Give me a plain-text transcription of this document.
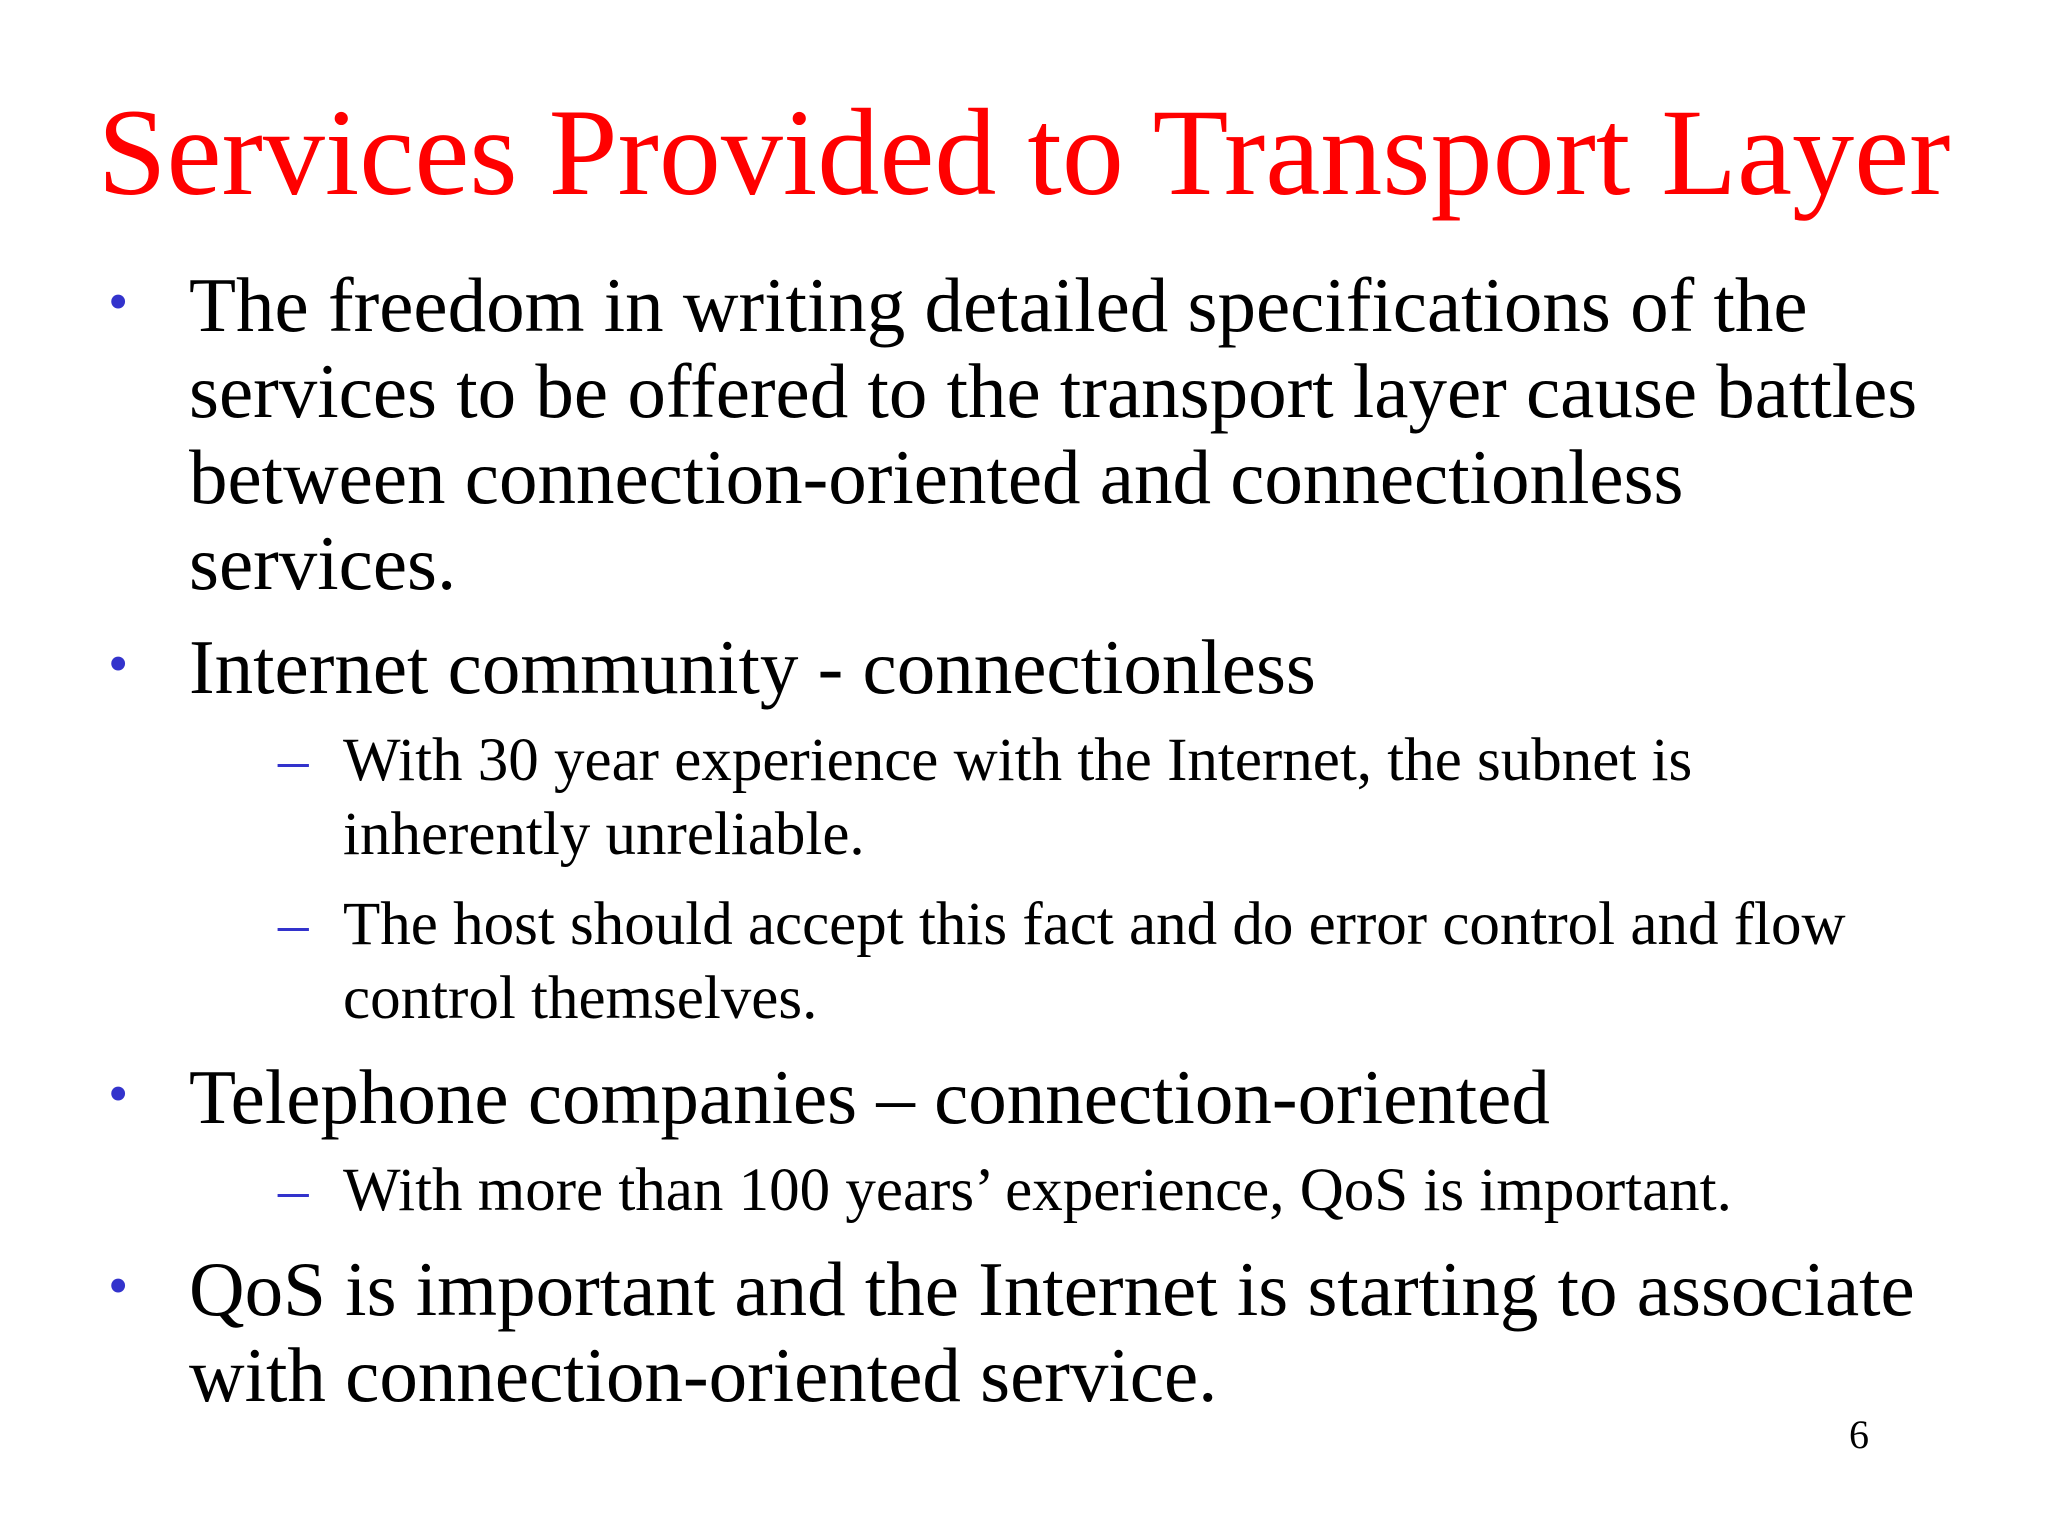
Services Provided to Transport Layer
• The freedom in writing detailed specifications of the services to be offered to the transport layer cause battles between connection-oriented and connectionless services.
• Internet community - connectionless
– With 30 year experience with the Internet, the subnet is inherently unreliable.
– The host should accept this fact and do error control and flow control themselves.
• Telephone companies – connection-oriented
– With more than 100 years’ experience, QoS is important.
• QoS is important and the Internet is starting to associate with connection-oriented service.
6
